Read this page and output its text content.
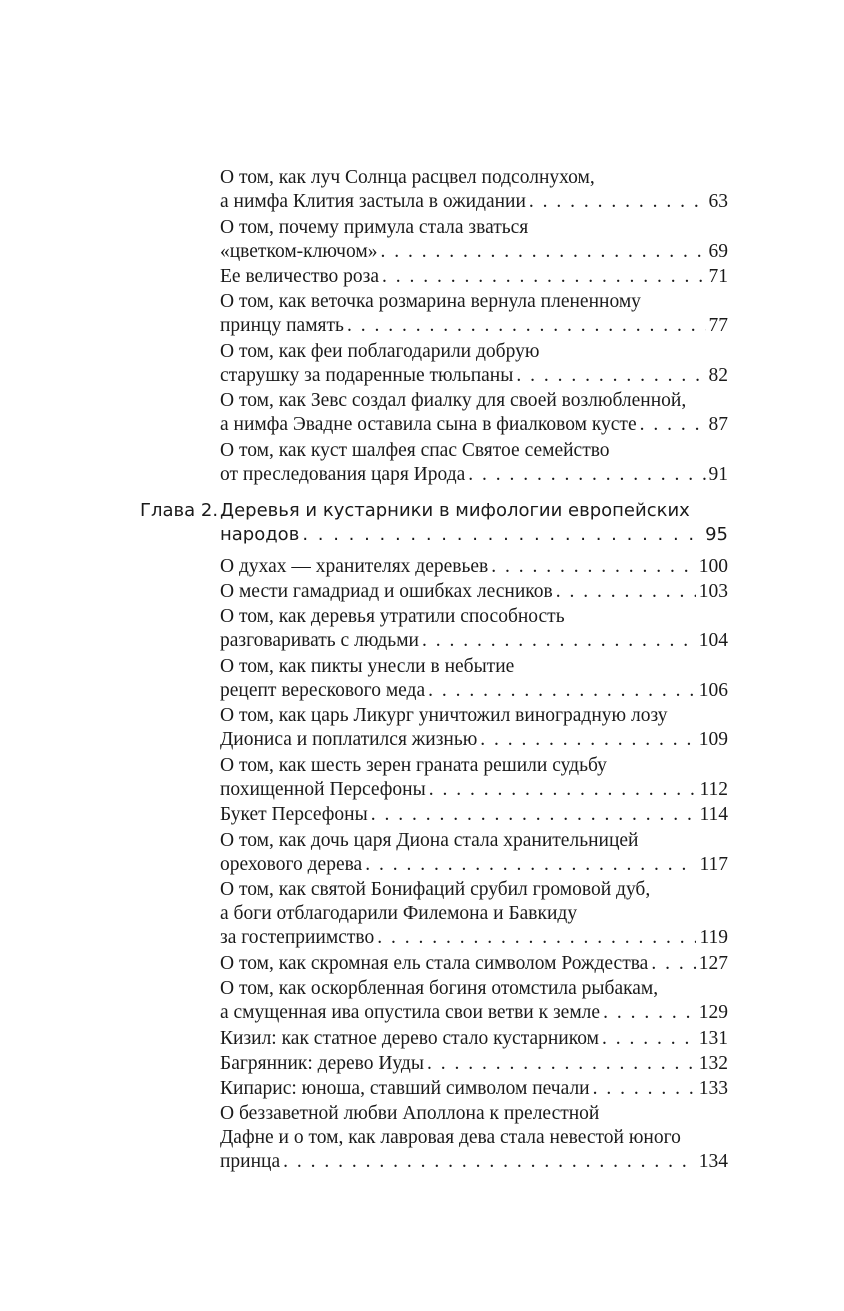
О том, как луч Солнца расцвел подсолнухом,
а нимфа Клития застыла в ожидании . . .	63
О том, почему примула стала зваться
«цветком-ключом» . . .	69
Ее величество роза . . .	71
О том, как веточка розмарина вернула плененному
принцу память . . .	77
О том, как феи поблагодарили добрую
старушку за подаренные тюльпаны . . .	82
О том, как Зевс создал фиалку для своей возлюбленной,
а нимфа Эвадне оставила сына в фиалковом кусте . . .	87
О том, как куст шалфея спас Святое семейство
от преследования царя Ирода . . .	91
Глава 2. Деревья и кустарники в мифологии европейских
народов . . .	95
О духах — хранителях деревьев . . .	100
О мести гамадриад и ошибках лесников . . .	103
О том, как деревья утратили способность
разговаривать с людьми . . .	104
О том, как пикты унесли в небытие
рецепт верескового меда . . .	106
О том, как царь Ликург уничтожил виноградную лозу
Диониса и поплатился жизнью . . .	109
О том, как шесть зерен граната решили судьбу
похищенной Персефоны . . .	112
Букет Персефоны . . .	114
О том, как дочь царя Диона стала хранительницей
орехового дерева . . .	117
О том, как святой Бонифаций срубил громовой дуб,
а боги отблагодарили Филемона и Бавкиду
за гостеприимство . . .	119
О том, как скромная ель стала символом Рождества . . .	127
О том, как оскорбленная богиня отомстила рыбакам,
а смущенная ива опустила свои ветви к земле . . .	129
Кизил: как статное дерево стало кустарником . . .	131
Багрянник: дерево Иуды . . .	132
Кипарис: юноша, ставший символом печали . . .	133
О беззаветной любви Аполлона к прелестной
Дафне и о том, как лавровая дева стала невестой юного
принца . . .	134
